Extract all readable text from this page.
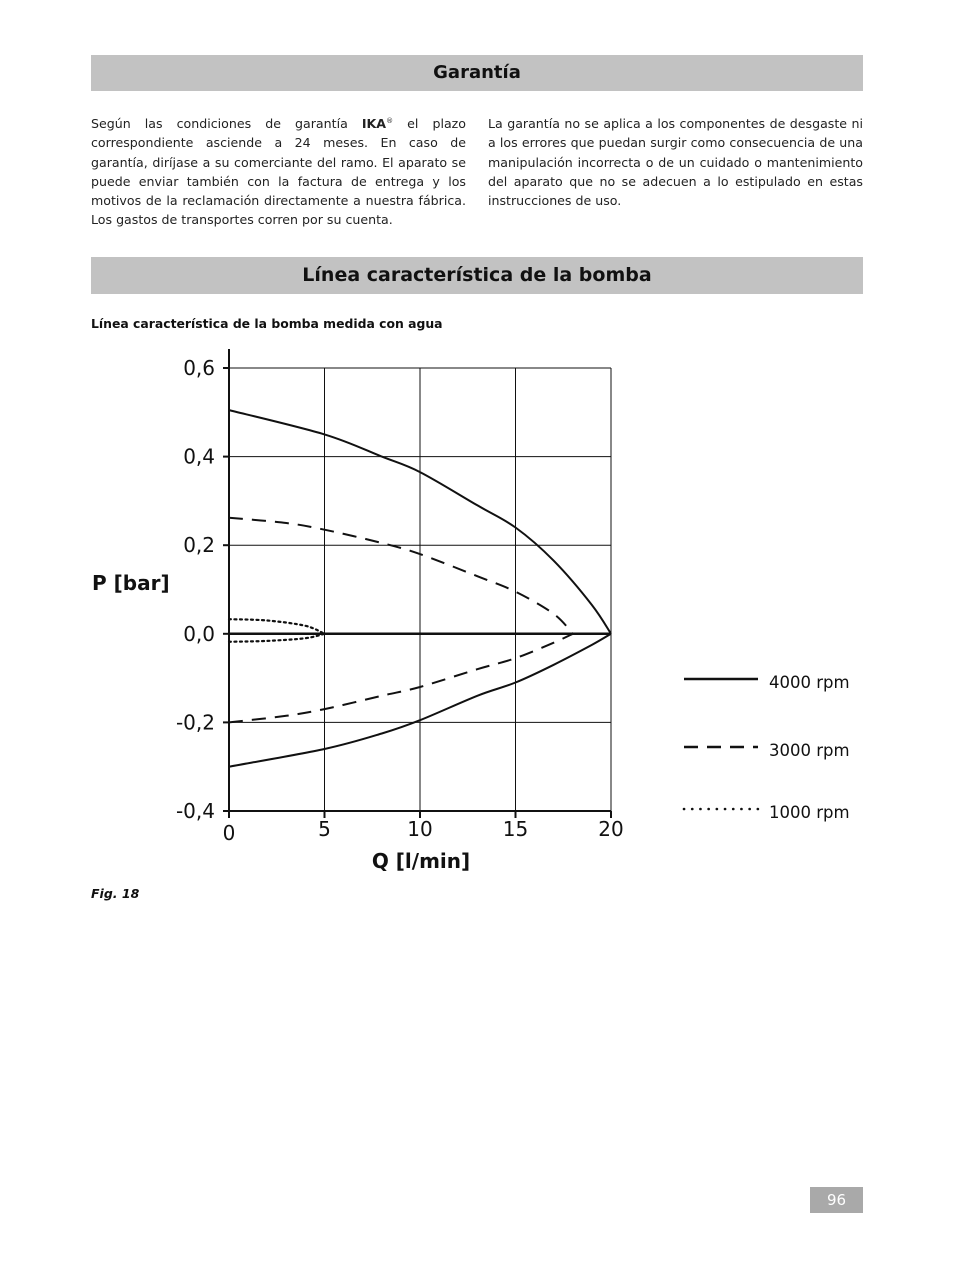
Garantía
Según las condiciones de garantía IKA® el plazo correspondiente asciende a 24 meses. En caso de garantía, diríjase a su comerciante del ramo. El aparato se puede enviar también con la factura de entrega y los motivos de la reclamación directamente a nuestra fábrica. Los gastos de transportes corren por su cuenta.
La garantía no se aplica a los componentes de desgaste ni a los errores que puedan surgir como consecuencia de una manipulación incorrecta o de un cuidado o mantenimiento del aparato que no se adecuen a lo estipulado en estas instrucciones de uso.
Línea característica de la bomba
Línea característica de la bomba medida con agua
0,6
0,4
0,2
0,0
-0,2
-0,4
0	5	10	15	20
P [bar]
Q [l/min]
4000 rpm
3000 rpm
1000 rpm
Fig. 18
96
